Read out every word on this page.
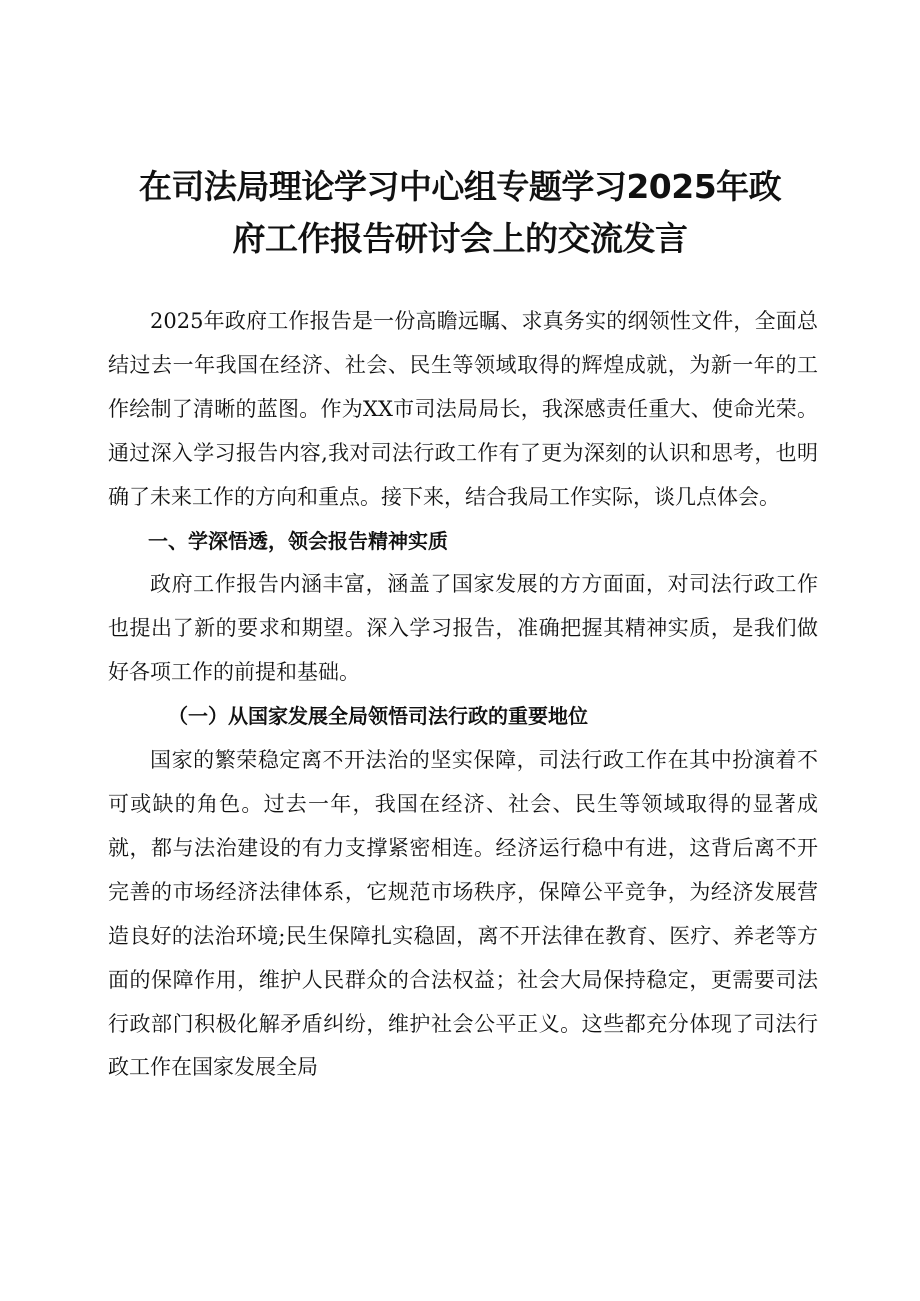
在司法局理论学习中心组专题学习2025年政
府工作报告研讨会上的交流发言

2025年政府工作报告是一份高瞻远瞩、求真务实的纲领性文件，全面总结过去一年我国在经济、社会、民生等领域取得的辉煌成就，为新一年的工作绘制了清晰的蓝图。作为XX市司法局局长，我深感责任重大、使命光荣。通过深入学习报告内容,我对司法行政工作有了更为深刻的认识和思考，也明确了未来工作的方向和重点。接下来，结合我局工作实际，谈几点体会。

一、学深悟透，领会报告精神实质

政府工作报告内涵丰富，涵盖了国家发展的方方面面，对司法行政工作也提出了新的要求和期望。深入学习报告，准确把握其精神实质，是我们做好各项工作的前提和基础。

（一）从国家发展全局领悟司法行政的重要地位

国家的繁荣稳定离不开法治的坚实保障，司法行政工作在其中扮演着不可或缺的角色。过去一年，我国在经济、社会、民生等领域取得的显著成就，都与法治建设的有力支撑紧密相连。经济运行稳中有进，这背后离不开完善的市场经济法律体系，它规范市场秩序，保障公平竞争，为经济发展营造良好的法治环境;民生保障扎实稳固，离不开法律在教育、医疗、养老等方面的保障作用，维护人民群众的合法权益；社会大局保持稳定，更需要司法行政部门积极化解矛盾纠纷，维护社会公平正义。这些都充分体现了司法行政工作在国家发展全局
